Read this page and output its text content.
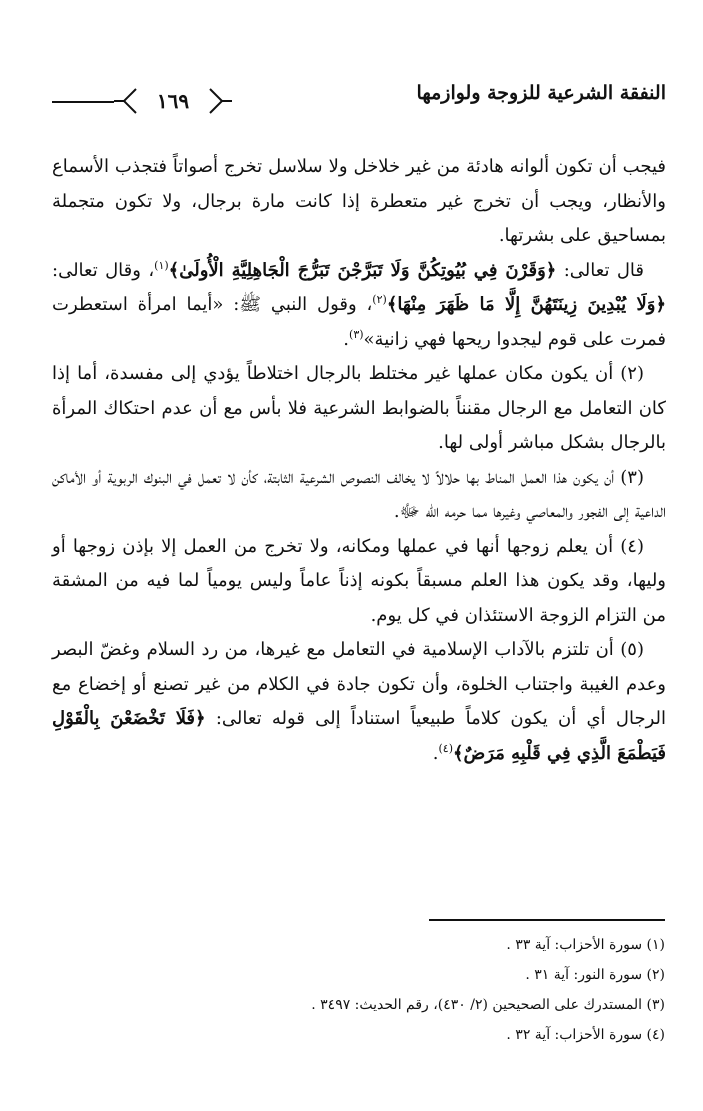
النفقة الشرعية للزوجة ولوازمها
١٦٩

فيجب أن تكون ألوانه هادئة من غير خلاخل ولا سلاسل تخرج أصواتاً فتجذب الأسماع والأنظار، ويجب أن تخرج غير متعطرة إذا كانت مارة برجال، ولا تكون متجملة بمساحيق على بشرتها.

قال تعالى: ﴿وَقَرْنَ فِي بُيُوتِكُنَّ وَلَا تَبَرَّجْنَ تَبَرُّجَ الْجَاهِلِيَّةِ الْأُولَىٰ﴾$^{(١)}$، وقال تعالى:﴿وَلَا يُبْدِينَ زِينَتَهُنَّ إِلَّا مَا ظَهَرَ مِنْهَا﴾$^{(٢)}$، وقول النبي ﷺ: «أيما امرأة استعطرت فمرت على قوم ليجدوا ريحها فهي زانية»$^{(٣)}$.

(٢) أن يكون مكان عملها غير مختلط بالرجال اختلاطاً يؤدي إلى مفسدة، أما إذا كان التعامل مع الرجال مقنناً بالضوابط الشرعية فلا بأس مع أن عدم احتكاك المرأة بالرجال بشكل مباشر أولى لها.

(٣) أن يكون هذا العمل المناط بها حلالاً لا يخالف النصوص الشرعية الثابتة، كأن لا تعمل في البنوك الربوية أو الأماكن الداعية إلى الفجور والمعاصي وغيرها مما حرمه الله ﷻ.

(٤) أن يعلم زوجها أنها في عملها ومكانه، ولا تخرج من العمل إلا بإذن زوجها أو وليها، وقد يكون هذا العلم مسبقاً بكونه إذناً عاماً وليس يومياً لما فيه من المشقة من التزام الزوجة الاستئذان في كل يوم.

(٥) أن تلتزم بالآداب الإسلامية في التعامل مع غيرها، من رد السلام وغضّ البصر وعدم الغيبة واجتناب الخلوة، وأن تكون جادة في الكلام من غير تصنع أو إخضاع مع الرجال أي أن يكون كلاماً طبيعياً استناداً إلى قوله تعالى: ﴿فَلَا تَخْضَعْنَ بِالْقَوْلِ فَيَطْمَعَ الَّذِي فِي قَلْبِهِ مَرَضٌ﴾$^{(٤)}$.

(١) سورة الأحزاب: آية ٣٣ .
(٢) سورة النور: آية ٣١ .
(٣) المستدرك على الصحيحين (٢/ ٤٣٠)، رقم الحديث: ٣٤٩٧ .
(٤) سورة الأحزاب: آية ٣٢ .
